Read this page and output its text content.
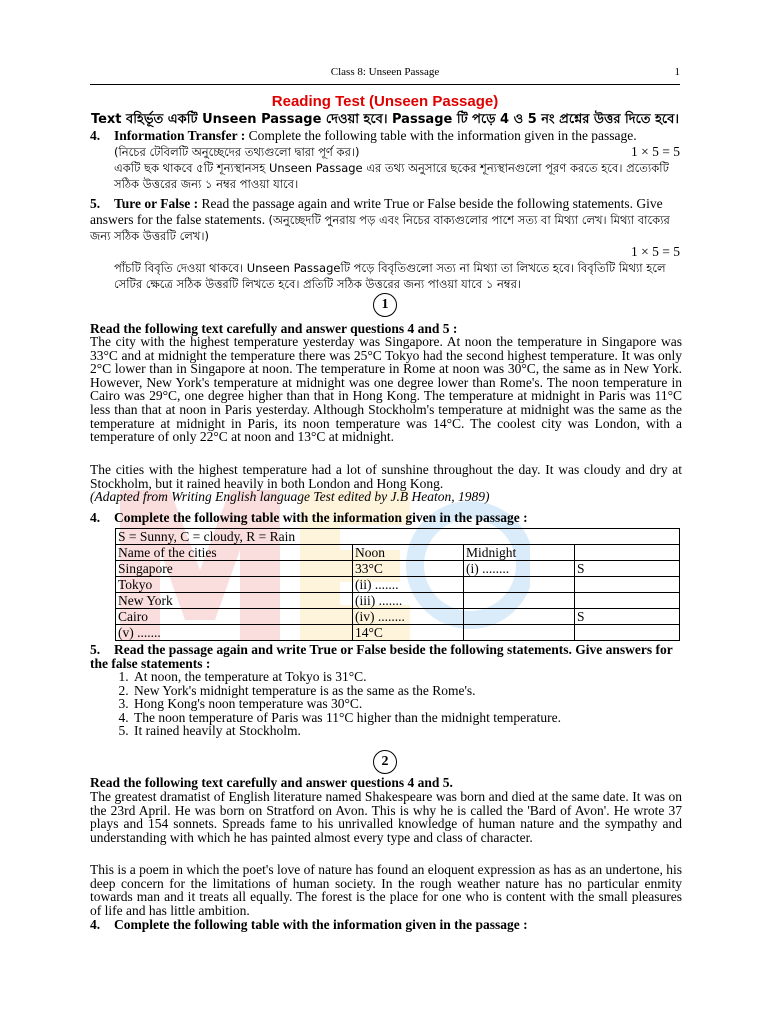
Class 8: Unseen Passage	1
Reading Test (Unseen Passage)
Text বহির্ভূত একটি Unseen Passage দেওয়া হবে। Passage টি পড়ে 4 ও 5 নং প্রশ্নের উত্তর দিতে হবে।
4. Information Transfer : Complete the following table with the information given in the passage.
(নিচের টেবিলটি অনুচ্ছেদের তথ্যগুলো দ্বারা পূর্ণ কর।)	1 × 5 = 5
একটি ছক থাকবে ৫টি শূন্যস্থানসহ Unseen Passage এর তথ্য অনুসারে ছকের শূন্যস্থানগুলো পূরণ করতে হবে। প্রত্যেকটি
সঠিক উত্তরের জন্য ১ নম্বর পাওয়া যাবে।
5. Ture or False : Read the passage again and write True or False beside the following statements. Give answers for the false statements. (অনুচ্ছেদটি পুনরায় পড় এবং নিচের বাক্যগুলোর পাশে সত্য বা মিথ্যা লেখ। মিথ্যা বাক্যের জন্য সঠিক উত্তরটি লেখ।)
1 × 5 = 5

পাঁচটি বিবৃতি দেওয়া থাকবে। Unseen Passageটি পড়ে বিবৃতিগুলো সত্য না মিথ্যা তা লিখতে হবে। বিবৃতিটি মিথ্যা হলে
সেটির ক্ষেত্রে সঠিক উত্তরটি লিখতে হবে। প্রতিটি সঠিক উত্তরের জন্য পাওয়া যাবে ১ নম্বর।
1
Read the following text carefully and answer questions 4 and 5 :
The city with the highest temperature yesterday was Singapore. At noon the temperature in Singapore was 33°C and at midnight the temperature there was 25°C Tokyo had the second highest temperature. It was only 2°C lower than in Singapore at noon. The temperature in Rome at noon was 30°C, the same as in New York. However, New York's temperature at midnight was one degree lower than Rome's. The noon temperature in Cairo was 29°C, one degree higher than that in Hong Kong. The temperature at midnight in Paris was 11°C less than that at noon in Paris yesterday. Although Stockholm's temperature at midnight was the same as the temperature at midnight in Paris, its noon temperature was 14°C. The coolest city was London, with a temperature of only 22°C at noon and 13°C at midnight.
The cities with the highest temperature had a lot of sunshine throughout the day. It was cloudy and dry at Stockholm, but it rained heavily in both London and Hong Kong.
(Adapted from Writing English language Test edited by J.B Heaton, 1989)
4. Complete the following table with the information given in the passage :
S = Sunny, C = cloudy, R = Rain			
Name of the cities	Noon	Midnight	
Singapore	33°C	(i) ........	S
Tokyo	(ii) .......		
New York	(iii) .......		
Cairo	(iv) ........		S
(v) .......	14°C		
5. Read the passage again and write True or False beside the following statements. Give answers for the false statements :
1. At noon, the temperature at Tokyo is 31°C.
2. New York's midnight temperature is as the same as the Rome's.
3. Hong Kong's noon temperature was 30°C.
4. The noon temperature of Paris was 11°C higher than the midnight temperature.
5. It rained heavily at Stockholm.
2
Read the following text carefully and answer questions 4 and 5.
The greatest dramatist of English literature named Shakespeare was born and died at the same date. It was on the 23rd April. He was born on Stratford on Avon. This is why he is called the 'Bard of Avon'. He wrote 37 plays and 154 sonnets. Spreads fame to his unrivalled knowledge of human nature and the sympathy and understanding with which he has painted almost every type and class of character.
This is a poem in which the poet's love of nature has found an eloquent expression as has as an undertone, his deep concern for the limitations of human society. In the rough weather nature has no particular enmity towards man and it treats all equally. The forest is the place for one who is content with the small pleasures of life and has little ambition.
4. Complete the following table with the information given in the passage :
